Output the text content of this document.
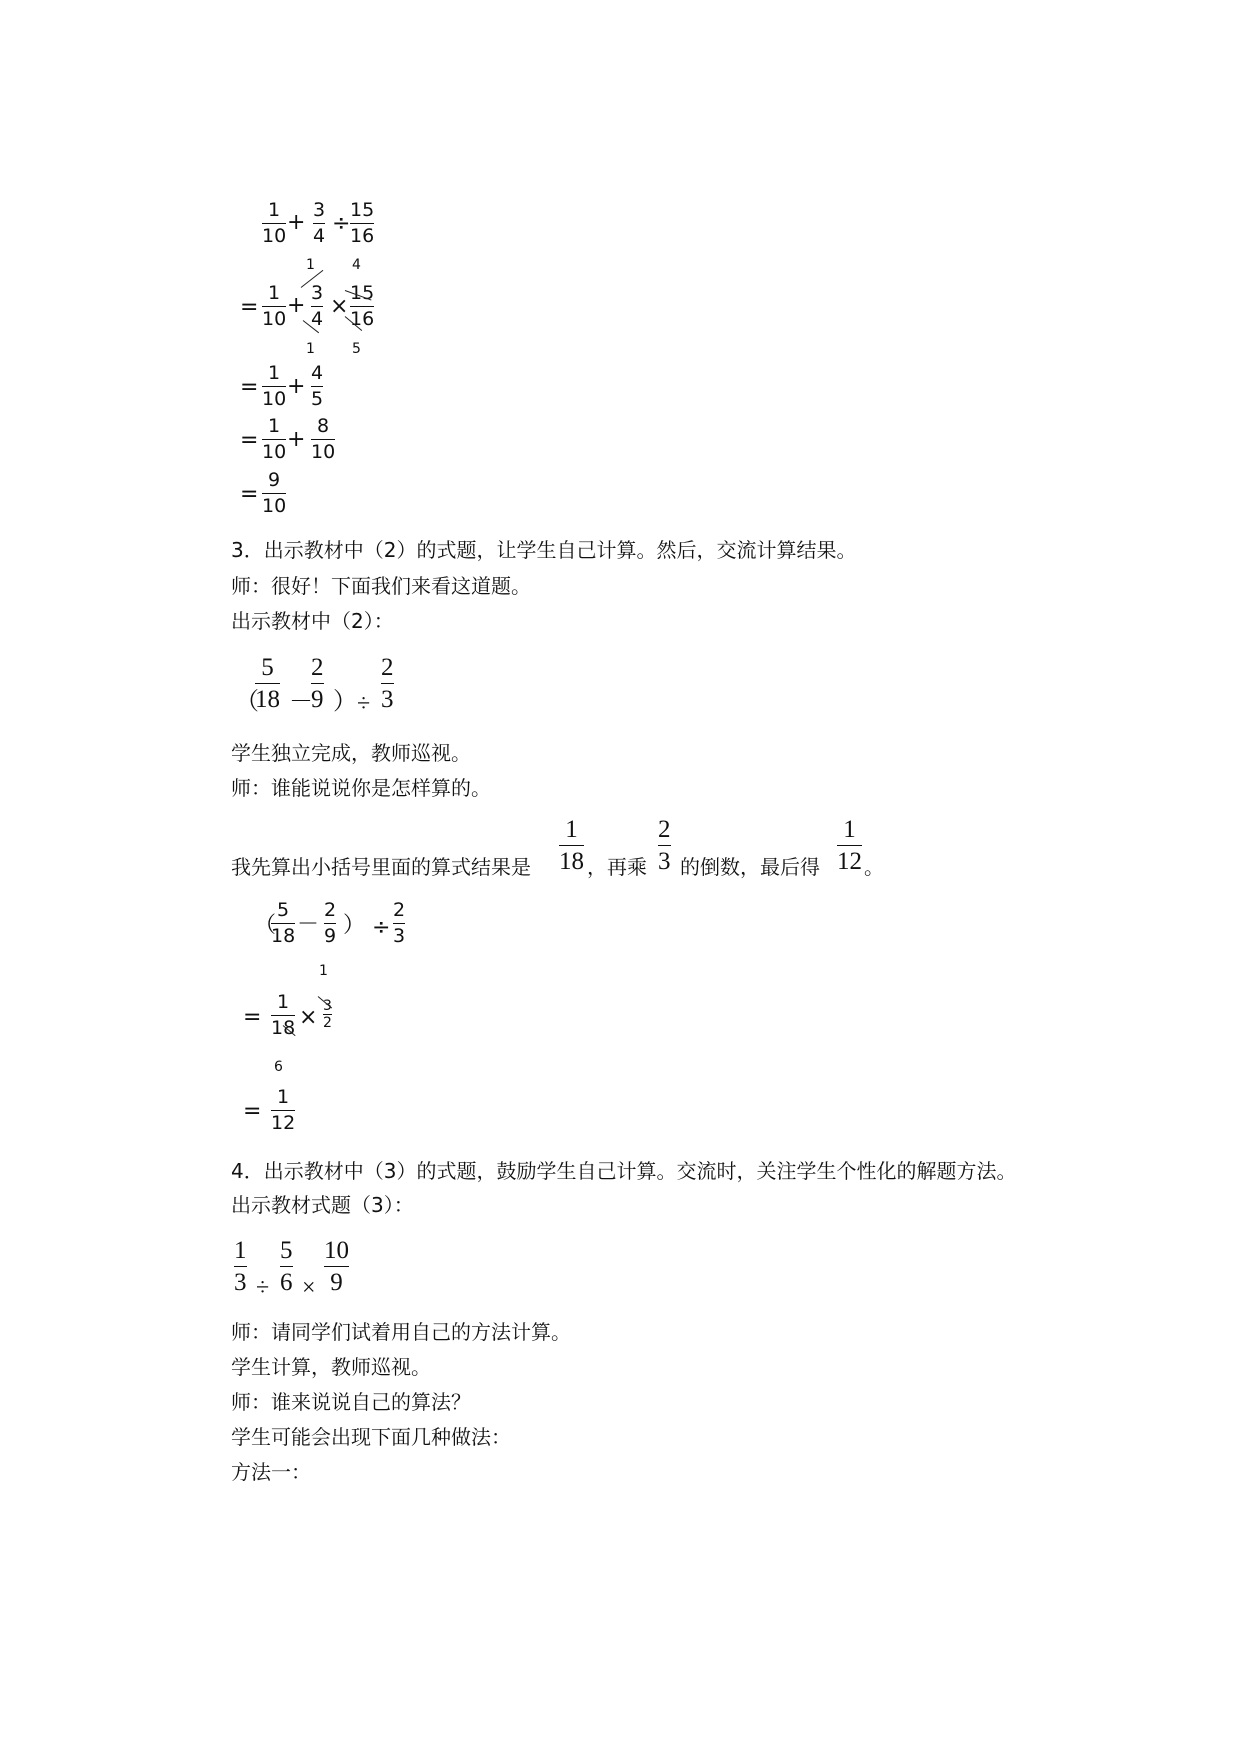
1
10
+ 3
4 ÷
15
16
1	4
=
1
10
+ 3
4 ×
15
16
1	5
=
1
10 +
4
5
=
1
10 +
8
10
=
9
10
3．出示教材中（2）的式题，让学生自己计算。然后，交流计算结果。
师：很好！下面我们来看这道题。
出示教材中（2）：
（
5
18 －
2
9 ） ÷
2
3
学生独立完成，教师巡视。
师：谁能说说你是怎样算的。
我先算出小括号里面的算式结果是
1
18 ，再乘
2
3 的倒数，最后得
1
12 。
（
5
18 －
2
9 ） ÷
2
3
1
=
1
18 × 3
2
6
=
1
12
4．出示教材中（3）的式题，鼓励学生自己计算。交流时，关注学生个性化的解题方法。
出示教材式题（3）：
1
3 ÷
5
6 ×
10
9
师：请同学们试着用自己的方法计算。
学生计算，教师巡视。
师：谁来说说自己的算法？
学生可能会出现下面几种做法：
方法一：
